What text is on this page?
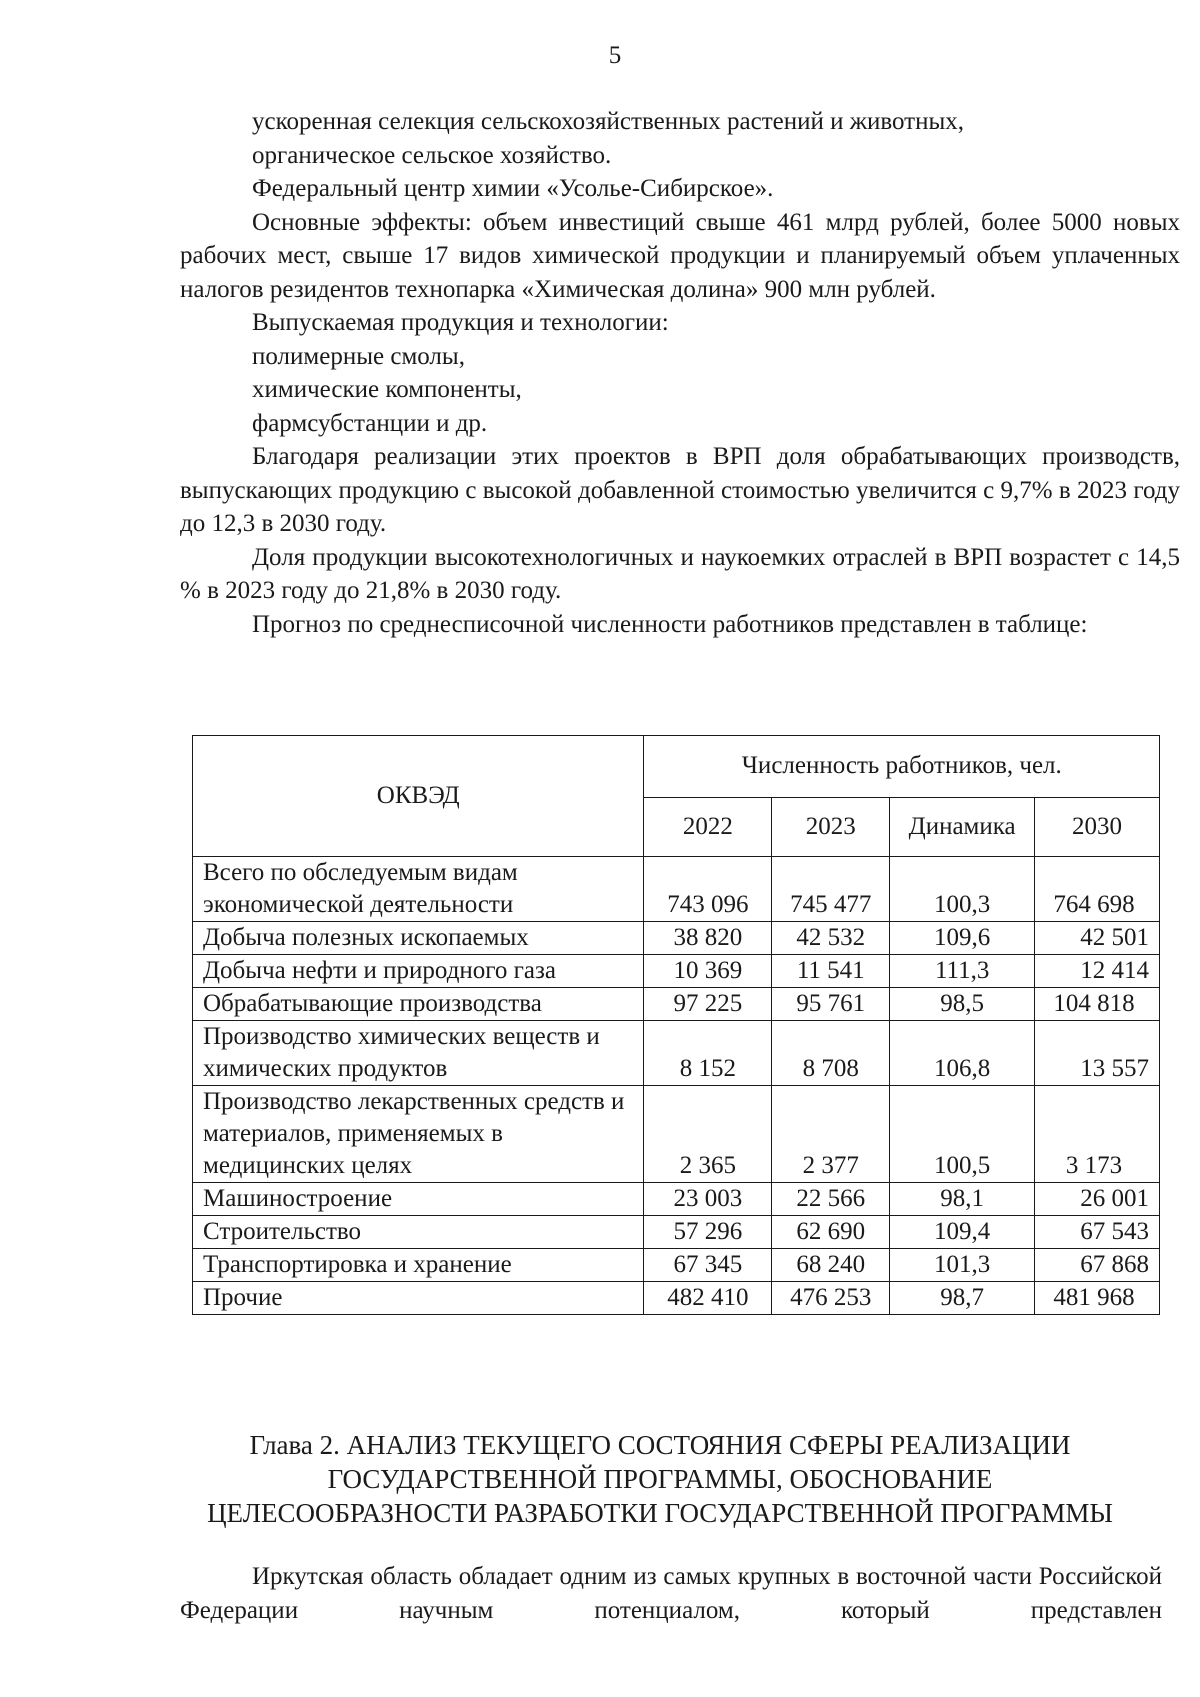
5

ускоренная селекция сельскохозяйственных растений и животных,

органическое сельское хозяйство.

Федеральный центр химии «Усолье-Сибирское».

Основные эффекты: объем инвестиций свыше 461 млрд рублей, более 5000 новых рабочих мест, свыше 17 видов химической продукции и планируемый объем уплаченных налогов резидентов технопарка «Химическая долина» 900 млн рублей.

Выпускаемая продукция и технологии:

полимерные смолы,

химические компоненты,

фармсубстанции и др.

Благодаря реализации этих проектов в ВРП доля обрабатывающих производств, выпускающих продукцию с высокой добавленной стоимостью увеличится с 9,7% в 2023 году до 12,3 в 2030 году.

Доля продукции высокотехнологичных и наукоемких отраслей в ВРП возрастет с 14,5 % в 2023 году до 21,8% в 2030 году.

Прогноз по среднесписочной численности работников представлен в таблице:

ОКВЭД	Численность работников, чел.			
	2022	2023	Динамика	2030
Всего по обследуемым видам экономической деятельности	743 096	745 477	100,3	764 698
Добыча полезных ископаемых	38 820	42 532	109,6	42 501
Добыча нефти и природного газа	10 369	11 541	111,3	12 414
Обрабатывающие производства	97 225	95 761	98,5	104 818
Производство химических веществ и химических продуктов	8 152	8 708	106,8	13 557
Производство лекарственных средств и материалов, применяемых в медицинских целях	2 365	2 377	100,5	3 173
Машиностроение	23 003	22 566	98,1	26 001
Строительство	57 296	62 690	109,4	67 543
Транспортировка и хранение	67 345	68 240	101,3	67 868
Прочие	482 410	476 253	98,7	481 968
Глава 2. АНАЛИЗ ТЕКУЩЕГО СОСТОЯНИЯ СФЕРЫ РЕАЛИЗАЦИИ
ГОСУДАРСТВЕННОЙ ПРОГРАММЫ, ОБОСНОВАНИЕ
ЦЕЛЕСООБРАЗНОСТИ РАЗРАБОТКИ ГОСУДАРСТВЕННОЙ ПРОГРАММЫ

Иркутская область обладает одним из самых крупных в восточной части Российской Федерации научным потенциалом, который представлен
